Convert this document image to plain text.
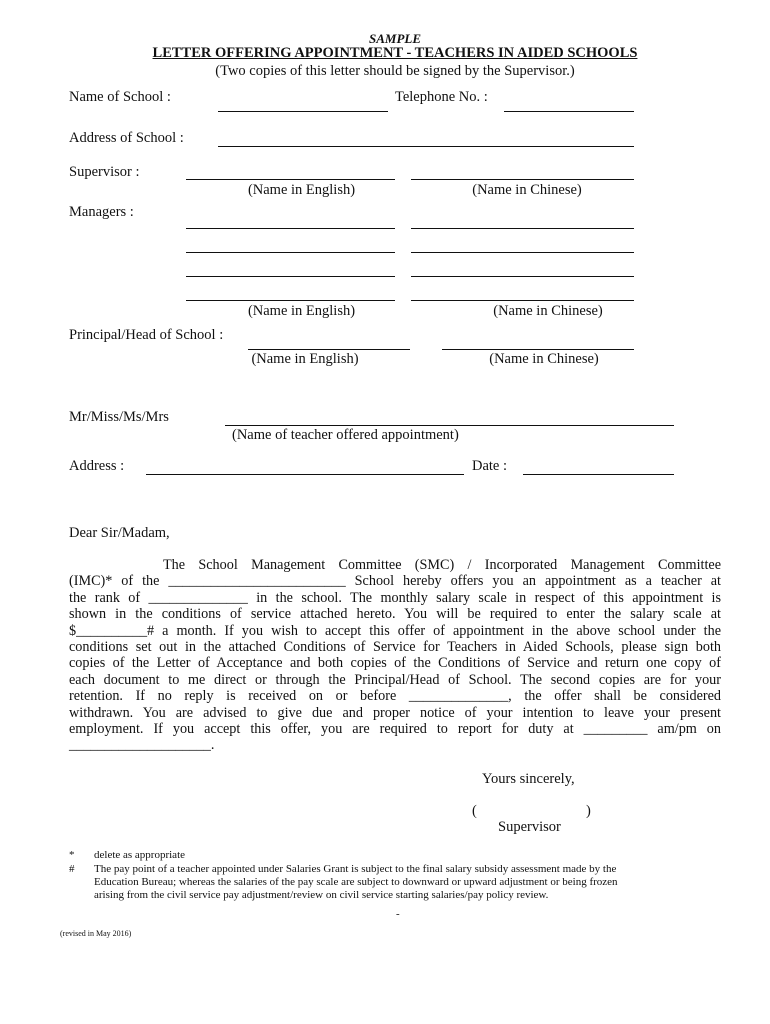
SAMPLE
LETTER OFFERING APPOINTMENT - TEACHERS IN AIDED SCHOOLS
(Two copies of this letter should be signed by the Supervisor.)
Name of School :	Telephone No. :
Address of School :
Supervisor :
(Name in English)	(Name in Chinese)
Managers :
(Name in English)	(Name in Chinese)
Principal/Head of School :
(Name in English)	(Name in Chinese)
Mr/Miss/Ms/Mrs
(Name of teacher offered appointment)
Address :	Date :
Dear Sir/Madam,
The School Management Committee (SMC) / Incorporated Management Committee
(IMC)* of the _________________________ School hereby offers you an appointment as a teacher at
the rank of ______________ in the school. The monthly salary scale in respect of this appointment is
shown in the conditions of service attached hereto. You will be required to enter the salary scale at
$__________# a month. If you wish to accept this offer of appointment in the above school under the
conditions set out in the attached Conditions of Service for Teachers in Aided Schools, please sign both
copies of the Letter of Acceptance and both copies of the Conditions of Service and return one copy of
each document to me direct or through the Principal/Head of School. The second copies are for your
retention. If no reply is received on or before ______________, the offer shall be considered
withdrawn. You are advised to give due and proper notice of your intention to leave your present
employment. If you accept this offer, you are required to report for duty at _________ am/pm on
____________________.
Yours sincerely,
(	)
Supervisor
* delete as appropriate
# The pay point of a teacher appointed under Salaries Grant is subject to the final salary subsidy assessment made by the
Education Bureau; whereas the salaries of the pay scale are subject to downward or upward adjustment or being frozen
arising from the civil service pay adjustment/review on civil service starting salaries/pay policy review.
-
(revised in May 2016)
